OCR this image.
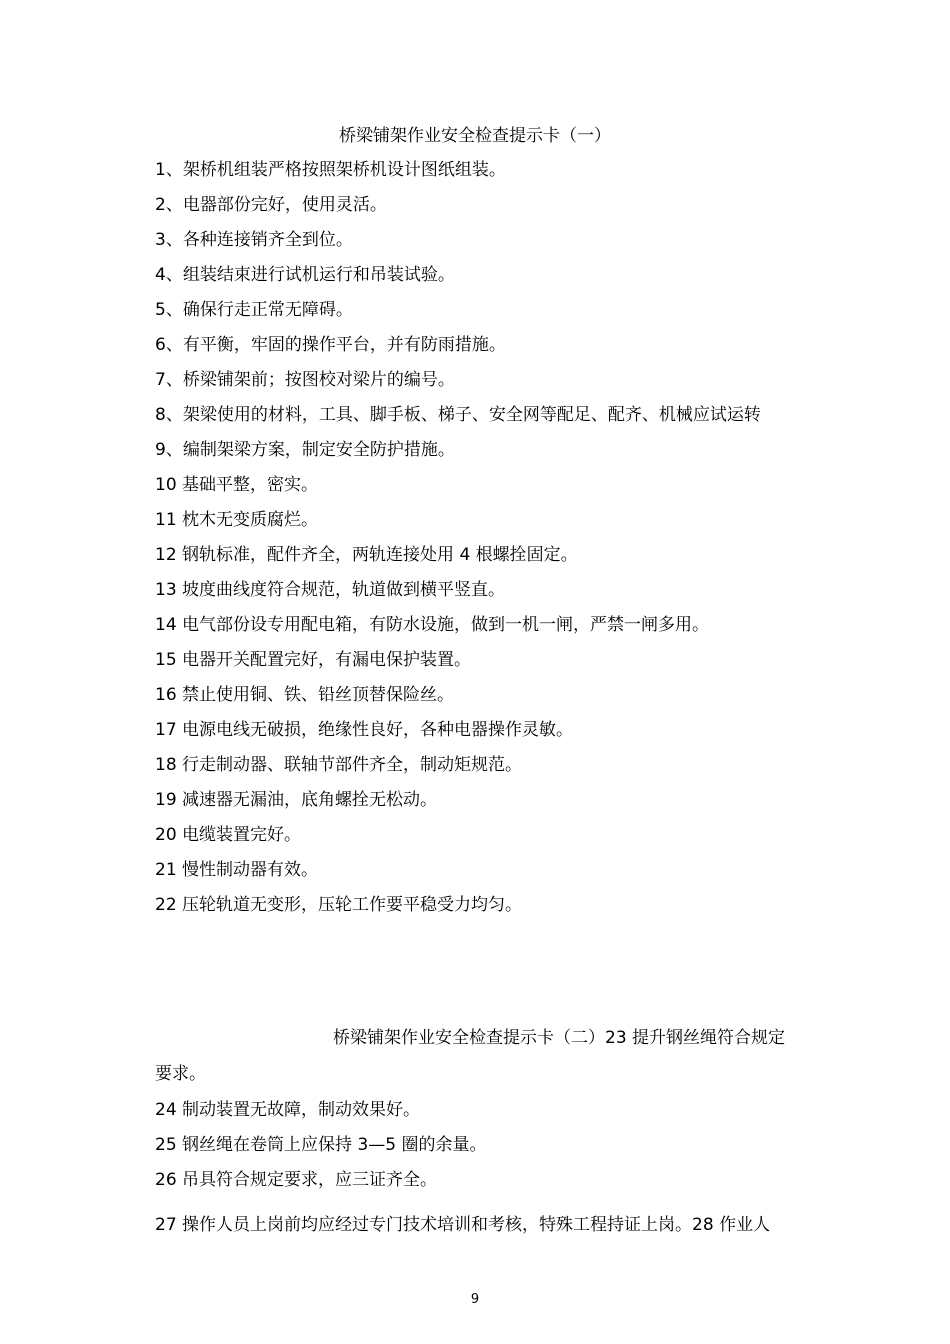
桥梁铺架作业安全检查提示卡（一）
1、架桥机组装严格按照架桥机设计图纸组装。
2、电器部份完好，使用灵活。
3、各种连接销齐全到位。
4、组装结束进行试机运行和吊装试验。
5、确保行走正常无障碍。
6、有平衡，牢固的操作平台，并有防雨措施。
7、桥梁铺架前；按图校对梁片的编号。
8、架梁使用的材料，工具、脚手板、梯子、安全网等配足、配齐、机械应试运转
9、编制架梁方案，制定安全防护措施。
10 基础平整，密实。
11 枕木无变质腐烂。
12 钢轨标准，配件齐全，两轨连接处用 4 根螺拴固定。
13 坡度曲线度符合规范，轨道做到横平竖直。
14 电气部份设专用配电箱，有防水设施，做到一机一闸，严禁一闸多用。
15 电器开关配置完好，有漏电保护装置。
16 禁止使用铜、铁、铅丝顶替保险丝。
17 电源电线无破损，绝缘性良好，各种电器操作灵敏。
18 行走制动器、联轴节部件齐全，制动矩规范。
19 减速器无漏油，底角螺拴无松动。
20 电缆装置完好。
21 慢性制动器有效。
22 压轮轨道无变形，压轮工作要平稳受力均匀。
桥梁铺架作业安全检查提示卡（二）23 提升钢丝绳符合规定
要求。
24 制动装置无故障，制动效果好。
25 钢丝绳在卷筒上应保持 3—5 圈的余量。
26 吊具符合规定要求，应三证齐全。
27 操作人员上岗前均应经过专门技术培训和考核，特殊工程持证上岗。28 作业人
9
